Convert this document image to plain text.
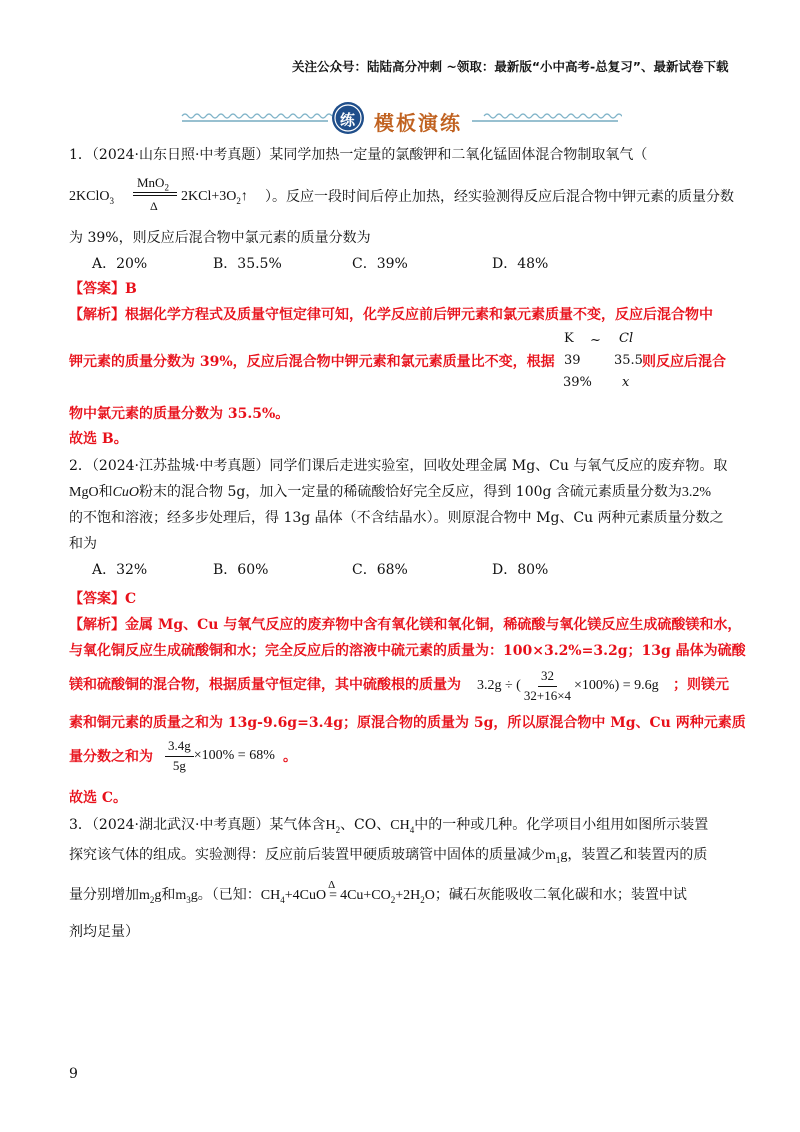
关注公众号：陆陆高分冲刺 ~领取：最新版“小中高考-总复习”、最新试卷下载
练 模板演练
1．（2024·山东日照·中考真题）某同学加热一定量的氯酸钾和二氧化锰固体混合物制取氧气（
2KClO$_3$
MnO$_2$
Δ
$2KCl+3O_2↑$ ）。反应一段时间后停止加热，经实验测得反应后混合物中钾元素的质量分数
为 39%，则反应后混合物中氯元素的质量分数为
A．20%	B．35.5%	C．39%	D．48%
【答案】B
【解析】根据化学方程式及质量守恒定律可知，化学反应前后钾元素和氯元素质量不变，反应后混合物中
K ~ Cl
钾元素的质量分数为 39%，反应后混合物中钾元素和氯元素质量比不变，根据 39	35.5 则反应后混合
39% x
物中氯元素的质量分数为 35.5%。
故选 B。
2．（2024·江苏盐城·中考真题）同学们课后走进实验室，回收处理金属 Mg、Cu 与氧气反应的废弃物。取
MgO和CuO粉末的混合物 5g，加入一定量的稀硫酸恰好完全反应，得到 100g 含硫元素质量分数为3.2%
的不饱和溶液；经多步处理后，得 13g 晶体（不含结晶水）。则原混合物中 Mg、Cu 两种元素质量分数之
和为
A．32%	B．60%	C．68%	D．80%
【答案】C
【解析】金属 Mg、Cu 与氧气反应的废弃物中含有氧化镁和氧化铜，稀硫酸与氧化镁反应生成硫酸镁和水，
与氧化铜反应生成硫酸铜和水；完全反应后的溶液中硫元素的质量为：100×3.2%=3.2g；13g 晶体为硫酸
镁和硫酸铜的混合物，根据质量守恒定律，其中硫酸根的质量为 3.2g ÷ ( $\frac{32}{32+16\times 4} \times 100\%) = 9.6g$ ；则镁元
素和铜元素的质量之和为 13g-9.6g=3.4g；原混合物的质量为 5g，所以原混合物中 Mg、Cu 两种元素质
量分数之和为 $\frac{3.4g}{5g} \times 100\% = 68\%$ 。
故选 C。
3．（2024·湖北武汉·中考真题）某气体含$H_2$、CO、$CH_4$中的一种或几种。化学项目小组用如图所示装置
探究该气体的组成。实验测得：反应前后装置甲硬质玻璃管中固体的质量减少$m_1g$，装置乙和装置丙的质
量分别增加$m_2g$和$m_3g$。（已知：$CH_4+4CuO$
Δ
= $4Cu+CO_2+2H_2O$；碱石灰能吸收二氧化碳和水；装置中试
剂均足量）
9
